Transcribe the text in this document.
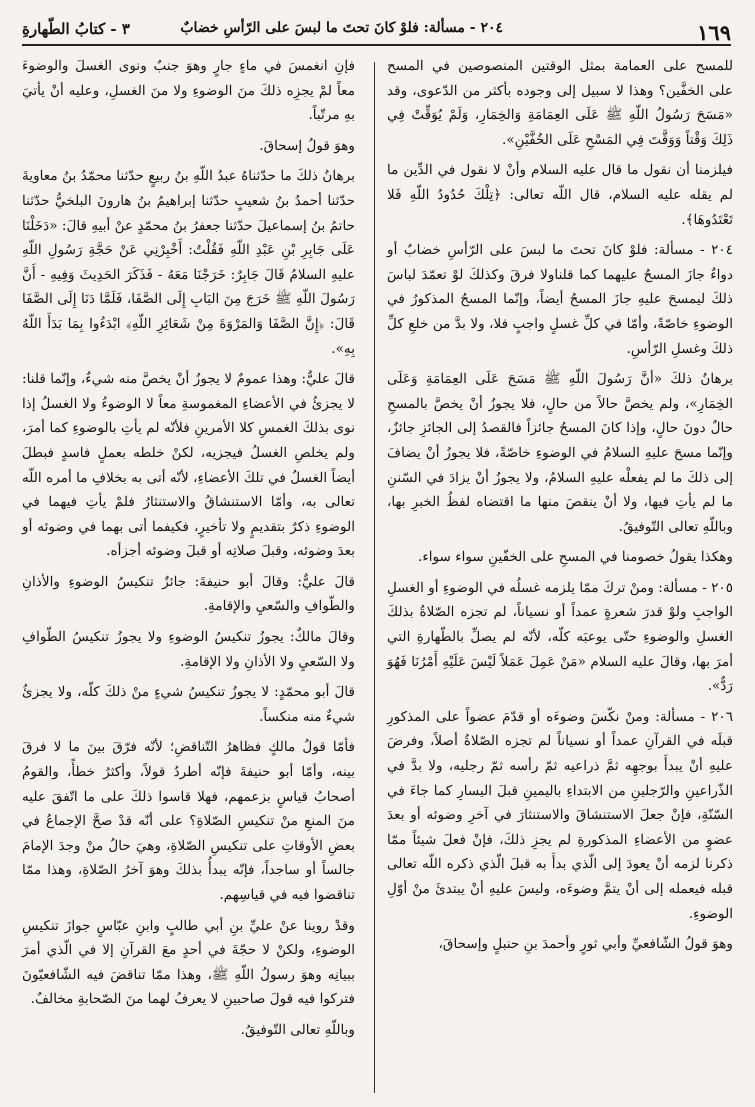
١٦٩
٢٠٤ - مسألة: فلوْ كانَ تحتَ ما لبسَ على الرّأسِ خضابٌ
٣ - كتابُ الطّهارةِ

للمسح على العمامة بمثل الوقتين المنصوصين في المسح على الخفَّين؟ وهذا لا سبيل إلى وجوده بأكثر من الدّعوى، وقد «مَسَحَ رَسُولُ اللّهِ ﷺ عَلَى العِمَامَةِ وَالخِمَارِ، وَلَمْ يُوَقِّتْ فِي ذَلِكَ وَقْتاً وَوَقَّتَ فِي المَسْحِ عَلَى الخُفَّيْنِ».

فيلزمنا أن نقول ما قال عليه السلام وأنْ لا نقول في الدِّين ما لم يقله عليه السلام، قال اللّه تعالى: ﴿تِلْكَ حُدُودُ اللّهِ فَلا تَعْتَدُوهَا﴾.

٢٠٤ - مسألة: فلوْ كانَ تحتَ ما لبسَ على الرّأسِ خضابٌ أو دواءٌ جازَ المسحُ عليهما كما قلناولا فرقَ وكذلكَ لوْ تعمّدَ لباسَ ذلكَ ليمسحَ عليهِ جازَ المسحُ أيضاً، وإنّما المسحُ المذكورُ في الوضوءِ خاصّةً، وأمّا في كلِّ غسلٍ واجبٍ فلا، ولا بدَّ من خلعِ كلِّ ذلكَ وغسلِ الرّأسِ.

برهانُ ذلكَ «أنَّ رَسُولَ اللّهِ ﷺ مَسَحَ عَلَى العِمَامَةِ وَعَلَى الخِمَارِ»، ولم يخصَّ حالاً من حالٍ، فلا يجوزُ أنْ يخصَّ بالمسحِ حالٌ دونَ حالٍ، وإذا كانَ المسحُ جائزاً فالقصدُ إلى الجائزِ جائزٌ، وإنّما مسحَ عليهِ السلامُ في الوضوءِ خاصّةً، فلا يجوزُ أنْ يضافَ إلى ذلكَ ما لم يفعلْه عليهِ السلامُ، ولا يجوزُ أنْ يزادَ في السّننِ ما لم يأتِ فيها، ولا أنْ ينقصَ منها ما اقتضاه لفظُ الخبرِ بها، وباللّهِ تعالى التّوفيقُ.

وهكذا يقولُ خصومنا في المسحِ على الخفّينِ سواء سواء.

٢٠٥ - مسألة: ومنْ تركَ ممّا يلزمه غسلُه في الوضوءِ أو الغسلِ الواجبِ ولوْ قدرَ شعرةٍ عمداً أو نسياناً، لم تجزه الصّلاةُ بذلكَ الغسلِ والوضوءِ حتّى يوعبَه كلّه، لأنّه لم يصلِّ بالطّهارةِ التي أمرَ بها، وقالَ عليه السلام «مَنْ عَمِلَ عَمَلاً لَيْسَ عَلَيْهِ أَمْرُنَا فَهُوَ رَدٌّ».

٢٠٦ - مسألة: ومنْ نكّسَ وضوءَه أو قدّمَ عضواً على المذكورِ قبلَه في القرآنِ عمداً أو نسياناً لم تجزه الصّلاةُ أصلاً، وفرضَ عليهِ أنْ يبدأَ بوجهِه ثمَّ ذراعيه ثمّ رأسه ثمّ رجليه، ولا بدَّ في الذّراعينِ والرّجلينِ من الابتداءِ باليمينِ قبلَ اليسارِ كما جاءَ في السّنّةِ، فإنْ جعلَ الاستنشاقَ والاستنثارَ في آخرِ وضوئه أو بعدَ عضوٍ من الأعضاءِ المذكورةِ لم يجزِ ذلكَ، فإنْ فعلَ شيئاً ممّا ذكرنا لزمه أنْ يعودَ إلى الّذي بدأَ به قبلَ الّذي ذكره اللّه تعالى قبله فيعمله إلى أنْ يتمَّ وضوءَه، وليسَ عليهِ أنْ يبتدئَ منْ أوّلِ الوضوءِ.

وهوَ قولُ الشّافعيِّ وأبي ثورٍ وأحمدَ بنِ حنبلٍ وإسحاقَ،

فإنِ انغمسَ في ماءٍ جارٍ وهوَ جنبٌ ونوى الغسلَ والوضوءَ معاً لمْ يجزِه ذلكَ منَ الوضوءِ ولا منَ الغسلِ، وعليه أنْ يأتيَ بهِ مرتّباً.

وهوَ قولُ إسحاقَ.

برهانُ ذلكَ ما حدّثناهُ عبدُ اللّهِ بنُ ربيعٍ حدّثنا محمّدُ بنُ معاويةَ حدّثنا أحمدُ بنُ شعيبٍ حدّثنا إبراهيمُ بنُ هارونَ البلخيُّ حدّثنا حاتمُ بنُ إسماعيلَ حدّثنا جعفرُ بنُ محمّدٍ عنْ أبيهِ قالَ: «دَخَلْنَا عَلَى جَابِرِ بْنِ عَبْدِ اللّهِ فَقُلْتُ: أَخْبِرْنِي عَنْ حَجَّةِ رَسُولِ اللّهِ عليهِ السلامُ قَالَ جَابِرٌ: خَرَجْنَا مَعَهُ - فَذَكَرَ الحَدِيثَ وَفِيهِ - أَنَّ رَسُولَ اللّهِ ﷺ خَرَجَ مِنَ البَابِ إِلَى الصَّفَا، فَلَمَّا دَنَا إِلَى الصَّفَا قَالَ: ﴿إِنَّ الصَّفَا وَالمَرْوَةَ مِنْ شَعَائِرِ اللّهِ﴾ ابْدَءُوا بِمَا بَدَأَ اللّهُ بِهِ».

قالَ عليٌّ: وهذا عمومٌ لا يجوزُ أنْ يخصَّ منه شيءٌ، وإنّما قلنا: لا يجزئُ في الأعضاءِ المغموسةِ معاً لا الوضوءُ ولا الغسلُ إذا نوى بذلكَ الغمسِ كلا الأمرينِ فلأنّه لم يأتِ بالوضوءِ كما أمرَ، ولم يخلصِ الغسلُ فيجزيه، لكنْ خلطه بعملٍ فاسدٍ فبطلَ أيضاً الغسلُ في تلكَ الأعضاءِ، لأنّه أتى به بخلافِ ما أمره اللّه تعالى به، وأمّا الاستنشاقُ والاستنثارُ فلمْ يأتِ فيهما في الوضوءِ ذكرٌ بتقديمٍ ولا تأخيرٍ، فكيفما أتى بهما في وضوئه أو بعدَ وضوئه، وقبلَ صلاتِه أو قبلَ وضوئه أجزأه.

قالَ عليٌّ: وقالَ أبو حنيفةَ: جائزٌ تنكيسُ الوضوءِ والأذانِ والطّوافِ والسّعيِ والإقامةِ.

وقالَ مالكٌ: يجوزُ تنكيسُ الوضوءِ ولا يجوزُ تنكيسُ الطّوافِ ولا السّعيِ ولا الأذانِ ولا الإقامةِ.

قالَ أبو محمّدٍ: لا يجوزُ تنكيسُ شيءٍ منْ ذلكَ كلّه، ولا يجزئُ شيءٌ منه منكساً.

فأمّا قولُ مالكٍ فظاهرُ التّناقضِ؛ لأنّه فرّقَ بينَ ما لا فرقَ بينه، وأمّا أبو حنيفةَ فإنّه أطردُ قولاً، وأكثرُ خطأً، والقومُ أصحابُ قياسٍ بزعمهم، فهلا قاسوا ذلكَ على ما اتّفقَ عليه منَ المنعِ منْ تنكيسِ الصّلاةِ؟ على أنّه قدْ صحَّ الإجماعُ في بعضِ الأوقاتِ على تنكيسِ الصّلاةِ، وهيَ حالُ منْ وجدَ الإمامَ جالساً أو ساجداً، فإنّه يبدأُ بذلكَ وهوَ آخرُ الصّلاةِ، وهذا ممّا تناقضوا فيه في قياسِهم.

وقدْ روينا عنْ عليِّ بنِ أبي طالبٍ وابنِ عبّاسٍ جوازَ تنكيسِ الوضوءِ، ولكنْ لا حجّةَ في أحدٍ معَ القرآنِ إلا في الّذي أمرَ ببيانِه وهوَ رسولُ اللّهِ ﷺ، وهذا ممّا تناقضَ فيه الشّافعيّونَ فتركوا فيه قولَ صاحبينِ لا يعرفُ لهما منَ الصّحابةِ مخالفٌ.

وباللّهِ تعالى التّوفيقُ.
